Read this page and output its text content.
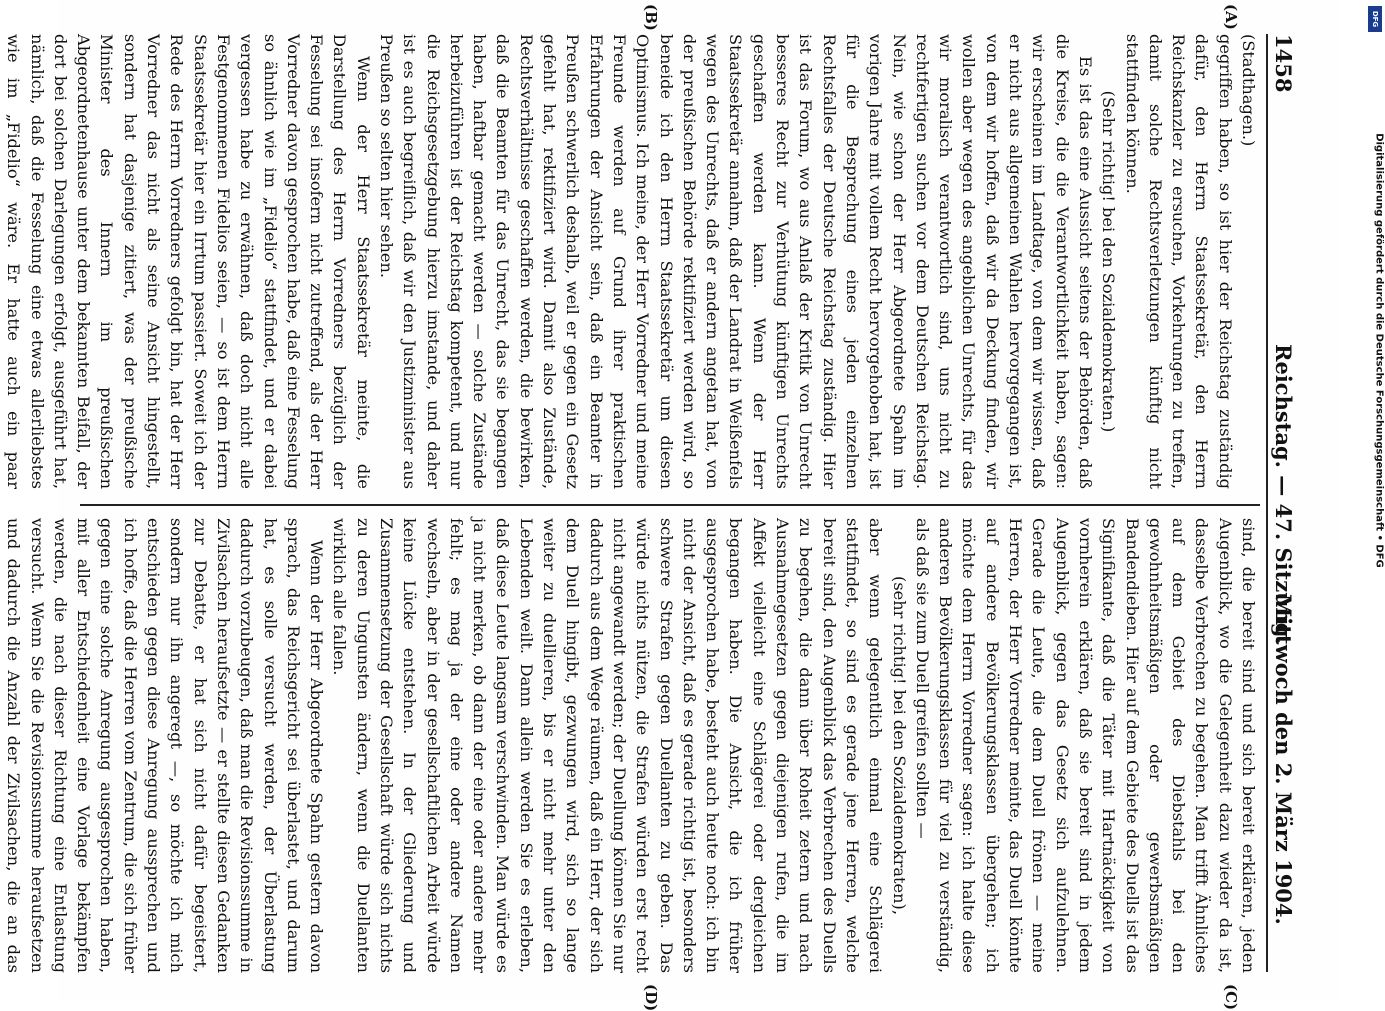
1458
Reichstag. — 47. Sitzung.
Mittwoch den 2. März 1904.
(A)
(B)
(C)
(D)

(Stadthagen.)

gegriffen haben, so ist hier der Reichstag zuständig dafür, den Herrn Staatssekretär, den Herrn Reichskanzler zu ersuchen, Vorkehrungen zu treffen, damit solche Rechtsverletzungen künftig nicht stattfinden können.

(Sehr richtig! bei den Sozialdemokraten.)

Es ist das eine Aussicht seitens der Behörden, daß die Kreise, die die Verantwortlichkeit haben, sagen: wir erscheinen im Landtage, von dem wir wissen, daß er nicht aus allgemeinen Wahlen hervorgegangen ist, von dem wir hoffen, daß wir da Deckung finden, wir wollen aber wegen des angeblichen Unrechts, für das wir moralisch verantwortlich sind, uns nicht zu rechtfertigen suchen vor dem Deutschen Reichstag. Nein, wie schon der Herr Abgeordnete Spahn im vorigen Jahre mit vollem Recht hervorgehoben hat, ist für die Besprechung eines jeden einzelnen Rechtsfalles der Deutsche Reichstag zuständig. Hier ist das Forum, wo aus Anlaß der Kritik von Unrecht besseres Recht zur Verhütung künftigen Unrechts geschaffen werden kann. Wenn der Herr Staatssekretär annahm, daß der Landrat in Weißenfels wegen des Unrechts, daß er andern angetan hat, von der preußischen Behörde rektifiziert werden wird, so beneide ich den Herrn Staatssekretär um diesen Optimismus. Ich meine, der Herr Vorredner und meine Freunde werden auf Grund ihrer praktischen Erfahrungen der Ansicht sein, daß ein Beamter in Preußen schwerlich deshalb, weil er gegen ein Gesetz gefehlt hat, rektifiziert wird. Damit also Zustände, Rechtsverhältnisse geschaffen werden, die bewirken, daß die Beamten für das Unrecht, das sie begangen haben, haftbar gemacht werden — solche Zustände herbeizuführen ist der Reichstag kompetent, und nur die Reichsgesetzgebung hierzu imstande, und daher ist es auch begreiflich, daß wir den Justizminister aus Preußen so selten hier sehen.

Wenn der Herr Staatssekretär meinte, die Darstellung des Herrn Vorredners bezüglich der Fesselung sei insofern nicht zutreffend, als der Herr Vorredner davon gesprochen habe, daß eine Fesselung so ähnlich wie im „Fidelio“ stattfindet, und er dabei vergessen habe zu erwähnen, daß doch nicht alle Festgenommenen Fidelios seien, — so ist dem Herrn Staatssekretär hier ein Irrtum passiert. Soweit ich der Rede des Herrn Vorredners gefolgt bin, hat der Herr Vorredner das nicht als seine Ansicht hingestellt, sondern hat dasjenige zitiert, was der preußische Minister des Innern im preußischen Abgeordnetenhause unter dem bekannten Beifall, der dort bei solchen Darlegungen erfolgt, ausgeführt hat, nämlich, daß die Fesselung eine etwas allerliebstes wie im „Fidelio“ wäre. Er hatte auch ein paar

sind, die bereit sind und sich bereit erklären, jeden Augenblick, wo die Gelegenheit dazu wieder da ist, dasselbe Verbrechen zu begehen. Man trifft Ähnliches auf dem Gebiet des Diebstahls bei den gewohnheitsmäßigen oder gewerbsmäßigen Bandendieben. Hier auf dem Gebiete des Duells ist das Signifikante, daß die Täter mit Hartnäckigkeit von vornherein erklären, daß sie bereit sind in jedem Augenblick, gegen das Gesetz sich aufzulehnen. Gerade die Leute, die dem Duell frönen — meine Herren, der Herr Vorredner meinte, das Duell könnte auf andere Bevölkerungsklassen übergehen; ich möchte dem Herrn Vorredner sagen: ich halte diese anderen Bevölkerungsklassen für viel zu verständig, als daß sie zum Duell greifen sollten —

(sehr richtig! bei den Sozialdemokraten),

aber wenn gelegentlich einmal eine Schlägerei stattfindet, so sind es gerade jene Herren, welche bereit sind, den Augenblick das Verbrechen des Duells zu begehen, die dann über Roheit zetern und nach Ausnahmegesetzen gegen diejenigen rufen, die im Affekt vielleicht eine Schlägerei oder dergleichen begangen haben. Die Ansicht, die ich früher ausgesprochen habe, besteht auch heute noch: ich bin nicht der Ansicht, daß es gerade richtig ist, besonders schwere Strafen gegen Duellanten zu geben. Das würde nichts nützen, die Strafen würden erst recht nicht angewandt werden; der Duellung können Sie nur dadurch aus dem Wege räumen, daß ein Herr, der sich dem Duell hingibt, gezwungen wird, sich so lange weiter zu duellieren, bis er nicht mehr unter den Lebenden weilt. Dann allein werden Sie es erleben, daß diese Leute langsam verschwinden. Man würde es ja nicht merken, ob dann der eine oder andere mehr fehlt; es mag ja der eine oder andere Namen wechseln, aber in der gesellschaftlichen Arbeit würde keine Lücke entstehen. In der Gliederung und Zusammensetzung der Gesellschaft würde sich nichts zu deren Ungunsten ändern, wenn die Duellanten wirklich alle fallen.

Wenn der Herr Abgeordnete Spahn gestern davon sprach, das Reichsgericht sei überlastet, und darum hat, es solle versucht werden, der Überlastung dadurch vorzubeugen, daß man die Revisionssumme in Zivilsachen heraufsetzte — er stellte diesen Gedanken zur Debatte, er hat sich nicht dafür begeistert, sondern nur ihn angeregt —, so möchte ich mich entschieden gegen diese Anregung aussprechen und ich hoffe, daß die Herren vom Zentrum, die sich früher gegen eine solche Anregung ausgesprochen haben, mit aller Entschiedenheit eine Vorlage bekämpfen werden, die nach dieser Richtung eine Entlastung versucht. Wenn Sie die Revisionssumme heraufsetzen und dadurch die Anzahl der Zivilsachen, die an das

DFG
Digitalisierung gefördert durch die Deutsche Forschungsgemeinschaft • DFG
